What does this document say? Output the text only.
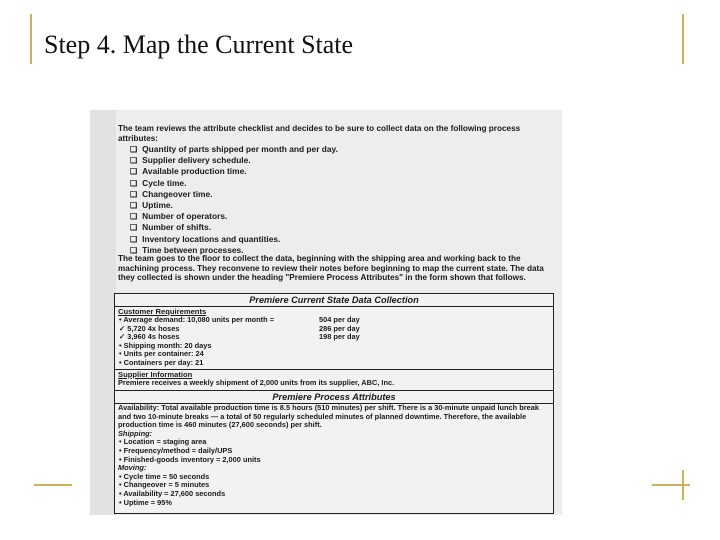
Step 4. Map the Current State
The team reviews the attribute checklist and decides to be sure to collect data on the following process attributes:
❑ Quantity of parts shipped per month and per day.
❑ Supplier delivery schedule.
❑ Available production time.
❑ Cycle time.
❑ Changeover time.
❑ Uptime.
❑ Number of operators.
❑ Number of shifts.
❑ Inventory locations and quantities.
❑ Time between processes.
The team goes to the floor to collect the data, beginning with the shipping area and working back to the machining process. They reconvene to review their notes before beginning to map the current state. The data they collected is shown under the heading "Premiere Process Attributes" in the form shown that follows.
Premiere Current State Data Collection
Customer Requirements
• Average demand: 10,080 units per month =	504 per day
✓ 5,720 4x hoses	286 per day
✓ 3,960 4s hoses	198 per day
• Shipping month: 20 days
• Units per container: 24
• Containers per day: 21
Supplier Information
Premiere receives a weekly shipment of 2,000 units from its supplier, ABC, Inc.
Premiere Process Attributes
Availability: Total available production time is 8.5 hours (510 minutes) per shift. There is a 30-minute unpaid lunch break and two 10-minute breaks — a total of 50 regularly scheduled minutes of planned downtime. Therefore, the available production time is 460 minutes (27,600 seconds) per shift.
Shipping:
• Location = staging area
• Frequency/method = daily/UPS
• Finished-goods inventory = 2,000 units
Moving:
• Cycle time = 50 seconds
• Changeover = 5 minutes
• Availability = 27,600 seconds
• Uptime = 95%
